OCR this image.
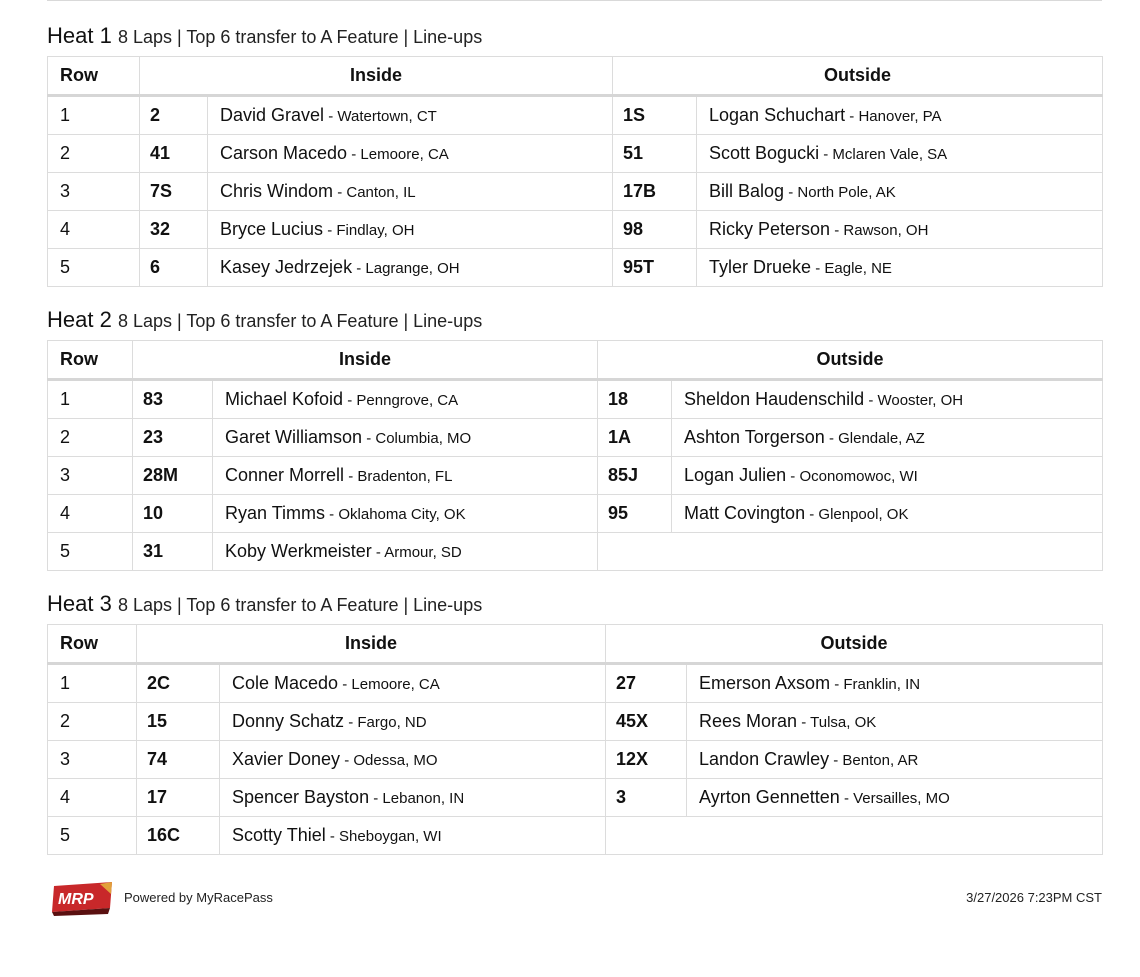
Heat 1 8 Laps | Top 6 transfer to A Feature | Line-ups
Row	Inside		Outside	
1	2	David Gravel - Watertown, CT	1S	Logan Schuchart - Hanover, PA
2	41	Carson Macedo - Lemoore, CA	51	Scott Bogucki - Mclaren Vale, SA
3	7S	Chris Windom - Canton, IL	17B	Bill Balog - North Pole, AK
4	32	Bryce Lucius - Findlay, OH	98	Ricky Peterson - Rawson, OH
5	6	Kasey Jedrzejek - Lagrange, OH	95T	Tyler Drueke - Eagle, NE
Heat 2 8 Laps | Top 6 transfer to A Feature | Line-ups
Row	Inside		Outside	
1	83	Michael Kofoid - Penngrove, CA	18	Sheldon Haudenschild - Wooster, OH
2	23	Garet Williamson - Columbia, MO	1A	Ashton Torgerson - Glendale, AZ
3	28M	Conner Morrell - Bradenton, FL	85J	Logan Julien - Oconomowoc, WI
4	10	Ryan Timms - Oklahoma City, OK	95	Matt Covington - Glenpool, OK
5	31	Koby Werkmeister - Armour, SD		
Heat 3 8 Laps | Top 6 transfer to A Feature | Line-ups
Row	Inside		Outside	
1	2C	Cole Macedo - Lemoore, CA	27	Emerson Axsom - Franklin, IN
2	15	Donny Schatz - Fargo, ND	45X	Rees Moran - Tulsa, OK
3	74	Xavier Doney - Odessa, MO	12X	Landon Crawley - Benton, AR
4	17	Spencer Bayston - Lebanon, IN	3	Ayrton Gennetten - Versailles, MO
5	16C	Scotty Thiel - Sheboygan, WI		
MRP Powered by MyRacePass	3/27/2026 7:23PM CST
